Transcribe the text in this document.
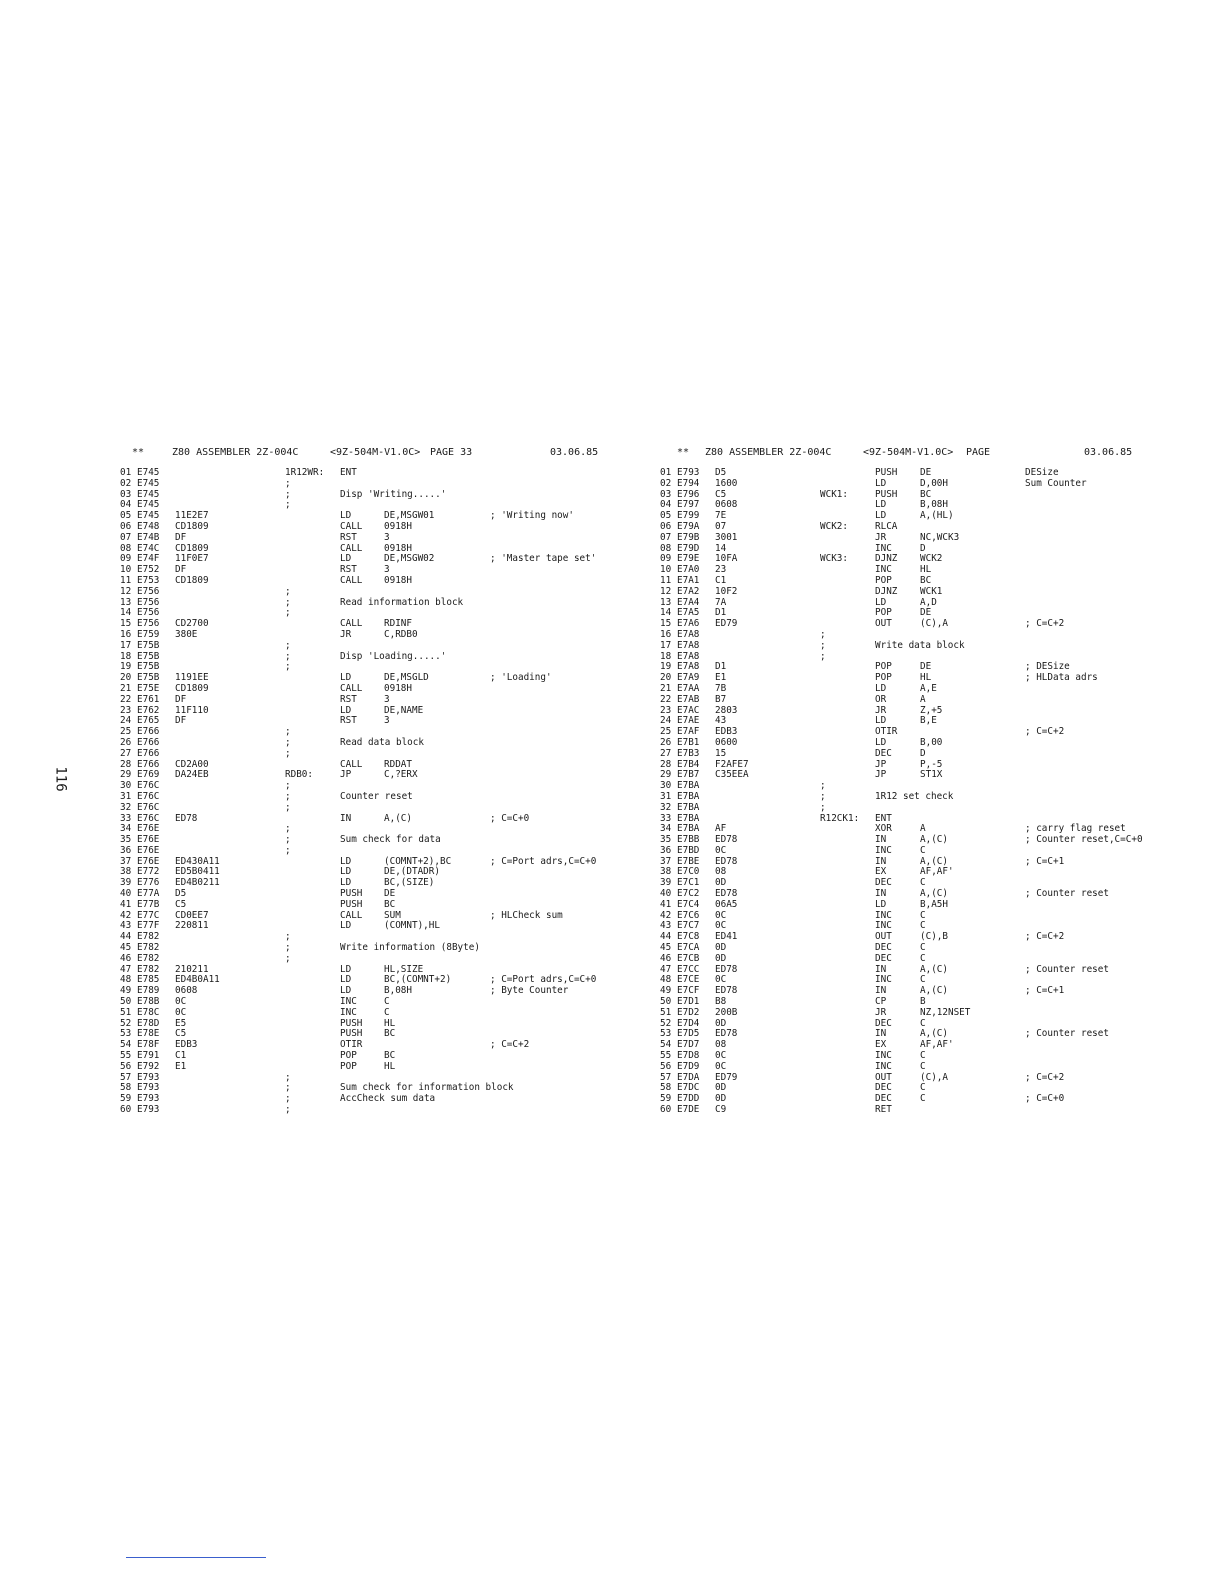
**	Z80 ASSEMBLER 2Z-004C	<9Z-504M-V1.0C> PAGE 33	03.06.85
01 E745	1R12WR: ENT
02 E745	;
03 E745	;	Disp 'Writing.....'
04 E745	;
05 E745 11E2E7	LD	DE,MSGW01	; 'Writing now'
06 E748 CD1809	CALL 0918H
07 E74B DF	RST	3
08 E74C CD1809	CALL 0918H
09 E74F 11F0E7	LD	DE,MSGW02	; 'Master tape set'
10 E752 DF	RST	3
11 E753 CD1809	CALL 0918H
12 E756	;
13 E756	;	Read information block
14 E756	;
15 E756 CD2700	CALL RDINF
16 E759 380E	JR	C,RDB0
17 E75B	;
18 E75B	;	Disp 'Loading.....'
19 E75B	;
20 E75B 1191EE	LD	DE,MSGLD	; 'Loading'
21 E75E CD1809	CALL 0918H
22 E761 DF	RST	3
23 E762 11F110	LD	DE,NAME
24 E765 DF	RST	3
25 E766	;
26 E766	;	Read data block
27 E766	;
28 E766 CD2A00	CALL RDDAT
29 E769 DA24EB	RDB0:	JP	C,?ERX
30 E76C	;
31 E76C	;	Counter reset
32 E76C	;
33 E76C ED78	IN	A,(C)	; C=C+0
34 E76E	;
35 E76E	;	Sum check for data
36 E76E	;
37 E76E ED430A11	LD	(COMNT+2),BC	; C=Port adrs,C=C+0
38 E772 ED5B0411	LD	DE,(DTADR)
39 E776 ED4B0211	LD	BC,(SIZE)
40 E77A D5	PUSH DE
41 E77B C5	PUSH BC
42 E77C CD0EE7	CALL SUM	; HLCheck sum
43 E77F 220811	LD	(COMNT),HL
44 E782	;
45 E782	;	Write information (8Byte)
46 E782	;
47 E782 210211	LD	HL,SIZE
48 E785 ED4B0A11	LD	BC,(COMNT+2)	; C=Port adrs,C=C+0
49 E789 0608	LD	B,08H	; Byte Counter
50 E78B 0C	INC	C
51 E78C 0C	INC	C
52 E78D E5	PUSH HL
53 E78E C5	PUSH BC
54 E78F EDB3	OTIR	; C=C+2
55 E791 C1	POP	BC
56 E792 E1	POP	HL
57 E793	;
58 E793	;	Sum check for information block
59 E793	;	AccCheck sum data
60 E793	;
** Z80 ASSEMBLER 2Z-004C	<9Z-504M-V1.0C> PAGE	03.06.85
01 E793 D5	PUSH DE	DESize
02 E794 1600	LD	D,00H	Sum Counter
03 E796 C5	WCK1:	PUSH BC
04 E797 0608	LD	B,08H
05 E799 7E	LD	A,(HL)
06 E79A 07	WCK2:	RLCA
07 E79B 3001	JR	NC,WCK3
08 E79D 14	INC	D
09 E79E 10FA	WCK3:	DJNZ WCK2
10 E7A0 23	INC	HL
11 E7A1 C1	POP	BC
12 E7A2 10F2	DJNZ WCK1
13 E7A4 7A	LD	A,D
14 E7A5 D1	POP	DE
15 E7A6 ED79	OUT	(C),A	; C=C+2
16 E7A8	;
17 E7A8	;	Write data block
18 E7A8	;
19 E7A8 D1	POP	DE	; DESize
20 E7A9 E1	POP	HL	; HLData adrs
21 E7AA 7B	LD	A,E
22 E7AB B7	OR	A
23 E7AC 2803	JR	Z,+5
24 E7AE 43	LD	B,E
25 E7AF EDB3	OTIR	; C=C+2
26 E7B1 0600	LD	B,00
27 E7B3 15	DEC	D
28 E7B4 F2AFE7	JP	P,-5
29 E7B7 C35EEA	JP	ST1X
30 E7BA	;
31 E7BA	;	1R12 set check
32 E7BA	;
33 E7BA	R12CK1: ENT
34 E7BA AF	XOR	A	; carry flag reset
35 E7BB ED78	IN	A,(C)	; Counter reset,C=C+0
36 E7BD 0C	INC	C
37 E7BE ED78	IN	A,(C)	; C=C+1
38 E7C0 08	EX	AF,AF'
39 E7C1 0D	DEC	C
40 E7C2 ED78	IN	A,(C)	; Counter reset
41 E7C4 06A5	LD	B,A5H
42 E7C6 0C	INC	C
43 E7C7 0C	INC	C
44 E7C8 ED41	OUT	(C),B	; C=C+2
45 E7CA 0D	DEC	C
46 E7CB 0D	DEC	C
47 E7CC ED78	IN	A,(C)	; Counter reset
48 E7CE 0C	INC	C
49 E7CF ED78	IN	A,(C)	; C=C+1
50 E7D1 B8	CP	B
51 E7D2 200B	JR	NZ,12NSET
52 E7D4 0D	DEC	C
53 E7D5 ED78	IN	A,(C)	; Counter reset
54 E7D7 08	EX	AF,AF'
55 E7D8 0C	INC	C
56 E7D9 0C	INC	C
57 E7DA ED79	OUT	(C),A	; C=C+2
58 E7DC 0D	DEC	C
59 E7DD 0D	DEC	C	; C=C+0
60 E7DE C9	RET
116
